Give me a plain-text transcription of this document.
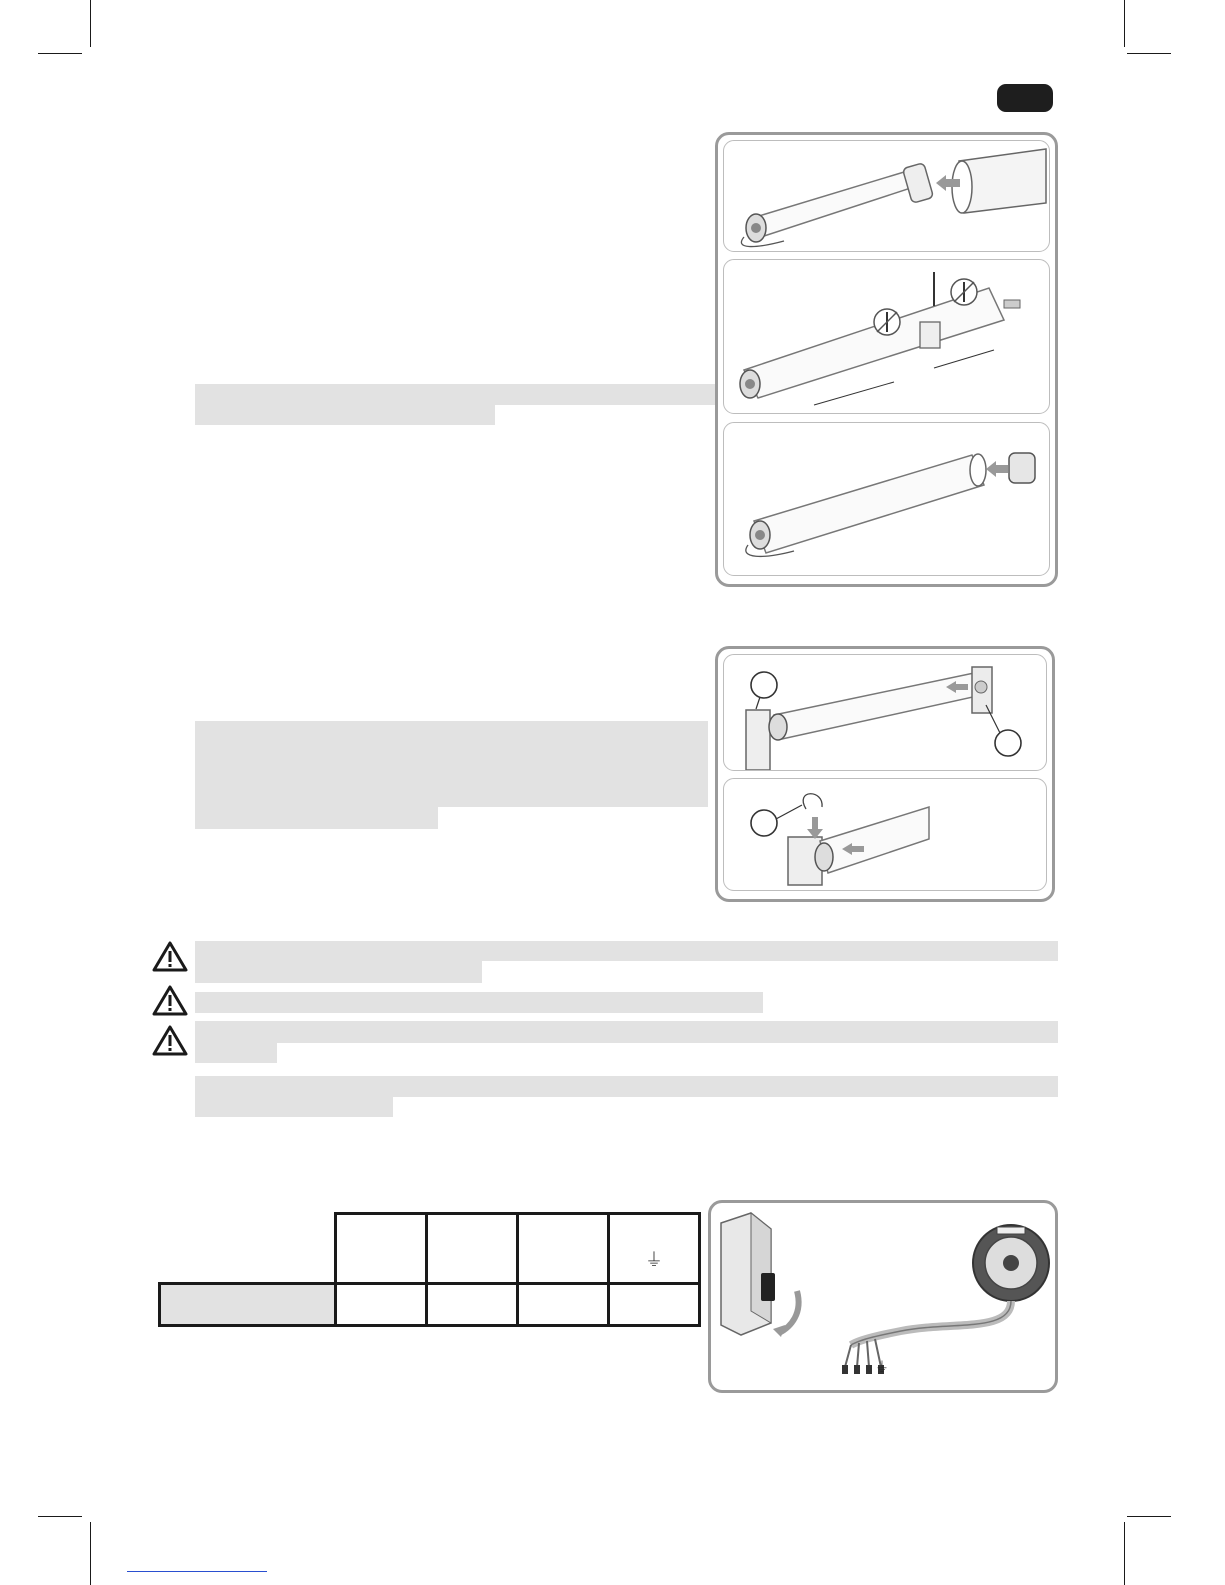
				⏚

⏚
